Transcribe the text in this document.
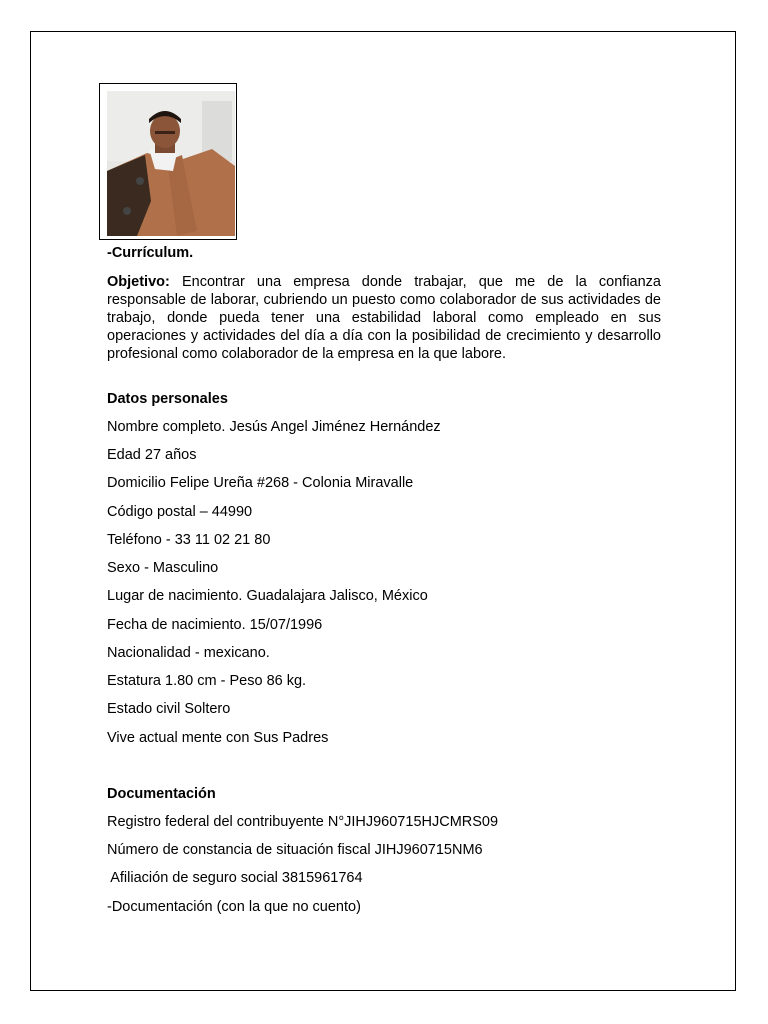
-Currículum.
Objetivo: Encontrar una empresa donde trabajar, que me de la confianza responsable de laborar, cubriendo un puesto como colaborador de sus actividades de trabajo, donde pueda tener una estabilidad laboral como empleado en sus operaciones y actividades del día a día con la posibilidad de crecimiento y desarrollo profesional como colaborador de la empresa en la que labore.
Datos personales
Nombre completo. Jesús Angel Jiménez Hernández
Edad 27 años
Domicilio Felipe Ureña #268 - Colonia Miravalle
Código postal – 44990
Teléfono - 33 11 02 21 80
Sexo - Masculino
Lugar de nacimiento. Guadalajara Jalisco, México
Fecha de nacimiento. 15/07/1996
Nacionalidad - mexicano.
Estatura 1.80 cm - Peso 86 kg.
Estado civil Soltero
Vive actual mente con Sus Padres
Documentación
Registro federal del contribuyente N°JIHJ960715HJCMRS09
Número de constancia de situación fiscal JIHJ960715NM6
Afiliación de seguro social 3815961764
-Documentación (con la que no cuento)
